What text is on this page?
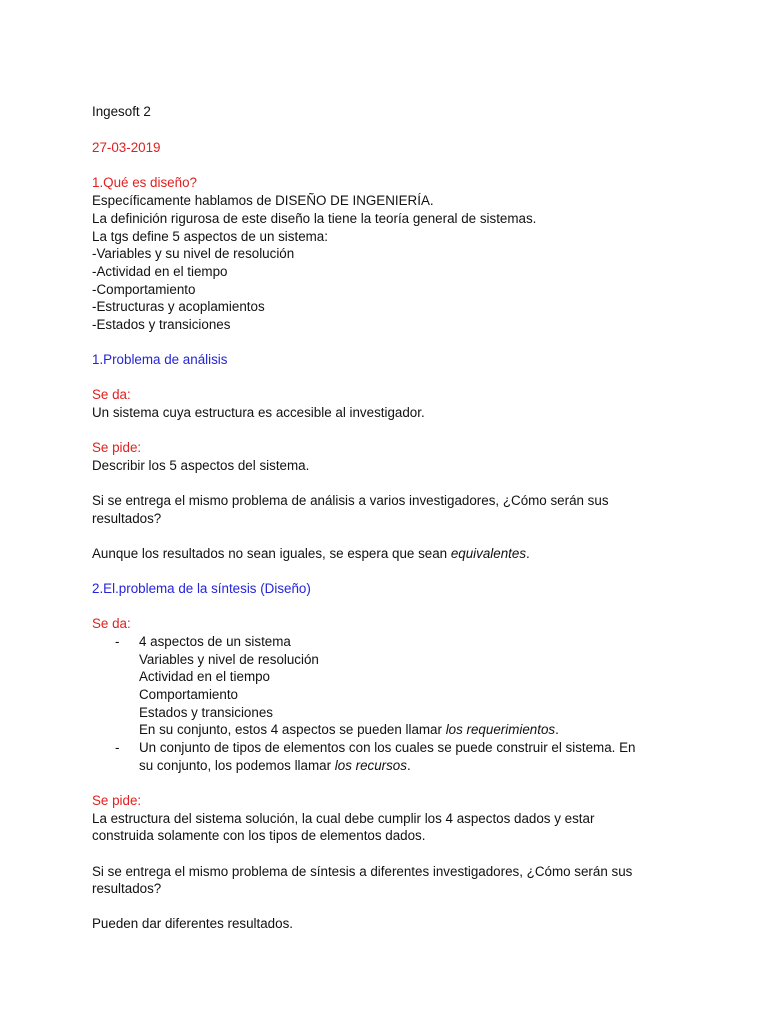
Ingesoft 2
27-03-2019
1.Qué es diseño?
Específicamente hablamos de DISEÑO DE INGENIERÍA.
La definición rigurosa de este diseño la tiene la teoría general de sistemas.
La tgs define 5 aspectos de un sistema:
-Variables y su nivel de resolución
-Actividad en el tiempo
-Comportamiento
-Estructuras y acoplamientos
-Estados y transiciones
1.Problema de análisis
Se da:
Un sistema cuya estructura es accesible al investigador.
Se pide:
Describir los 5 aspectos del sistema.
Si se entrega el mismo problema de análisis a varios investigadores, ¿Cómo serán sus
resultados?
Aunque los resultados no sean iguales, se espera que sean equivalentes.
2.El.problema de la síntesis (Diseño)
Se da:
- 4 aspectos de un sistema
Variables y nivel de resolución
Actividad en el tiempo
Comportamiento
Estados y transiciones
En su conjunto, estos 4 aspectos se pueden llamar los requerimientos.
- Un conjunto de tipos de elementos con los cuales se puede construir el sistema. En
su conjunto, los podemos llamar los recursos.
Se pide:
La estructura del sistema solución, la cual debe cumplir los 4 aspectos dados y estar
construida solamente con los tipos de elementos dados.
Si se entrega el mismo problema de síntesis a diferentes investigadores, ¿Cómo serán sus
resultados?
Pueden dar diferentes resultados.
